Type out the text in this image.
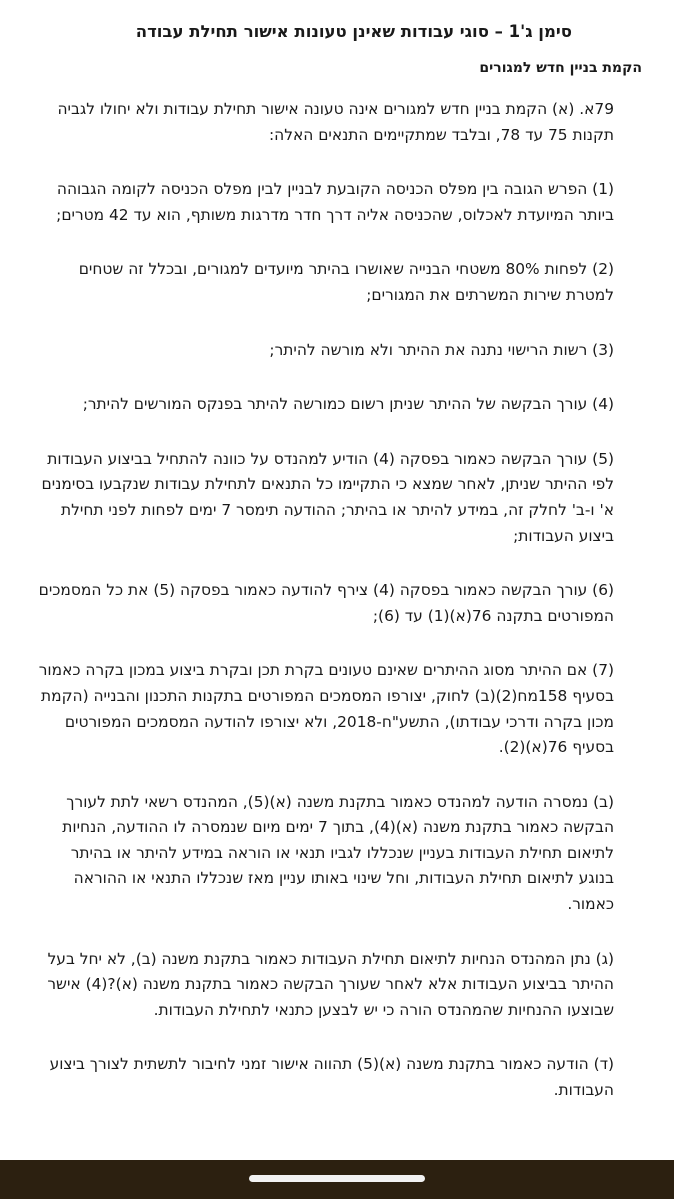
סימן ג'1 – סוגי עבודות שאינן טעונות אישור תחילת עבודה
הקמת בניין חדש למגורים

79א. (א) הקמת בניין חדש למגורים אינה טעונה אישור תחילת עבודות ולא יחולו לגביה תקנות 75 עד 78, ובלבד שמתקיימים התנאים האלה:

(1) הפרש הגובה בין מפלס הכניסה הקובעת לבניין לבין מפלס הכניסה לקומה הגבוהה ביותר המיועדת לאכלוס, שהכניסה אליה דרך חדר מדרגות משותף, הוא עד 42 מטרים;

(2) לפחות 80% משטחי הבנייה שאושרו בהיתר מיועדים למגורים, ובכלל זה שטחים למטרת שירות המשרתים את המגורים;

(3) רשות הרישוי נתנה את ההיתר ולא מורשה להיתר;

(4) עורך הבקשה של ההיתר שניתן רשום כמורשה להיתר בפנקס המורשים להיתר;

(5) עורך הבקשה כאמור בפסקה (4) הודיע למהנדס על כוונה להתחיל בביצוע העבודות לפי ההיתר שניתן, לאחר שמצא כי התקיימו כל התנאים לתחילת עבודות שנקבעו בסימנים א' ו-ב' לחלק זה, במידע להיתר או בהיתר; ההודעה תימסר 7 ימים לפחות לפני תחילת ביצוע העבודות;

(6) עורך הבקשה כאמור בפסקה (4) צירף להודעה כאמור בפסקה (5) את כל המסמכים המפורטים בתקנה 76(א)(1) עד (6);

(7) אם ההיתר מסוג ההיתרים שאינם טעונים בקרת תכן ובקרת ביצוע במכון בקרה כאמור בסעיף 158מח(2)(ב) לחוק, יצורפו המסמכים המפורטים בתקנות התכנון והבנייה (הקמת מכון בקרה ודרכי עבודתו), התשע"ח-2018, ולא יצורפו להודעה המסמכים המפורטים בסעיף 76(א)(2).

(ב) נמסרה הודעה למהנדס כאמור בתקנת משנה (א)(5), המהנדס רשאי לתת לעורך הבקשה כאמור בתקנת משנה (א)(4), בתוך 7 ימים מיום שנמסרה לו ההודעה, הנחיות לתיאום תחילת העבודות בעניין שנכללו לגביו תנאי או הוראה במידע להיתר או בהיתר בנוגע לתיאום תחילת העבודות, וחל שינוי באותו עניין מאז שנכללו התנאי או ההוראה כאמור.

(ג) נתן המהנדס הנחיות לתיאום תחילת העבודות כאמור בתקנת משנה (ב), לא יחל בעל ההיתר בביצוע העבודות אלא לאחר שעורך הבקשה כאמור בתקנת משנה (א)?(4) אישר שבוצעו ההנחיות שהמהנדס הורה כי יש לבצען כתנאי לתחילת העבודות.

(ד) הודעה כאמור בתקנת משנה (א)(5) תהווה אישור זמני לחיבור לתשתית לצורך ביצוע העבודות.
